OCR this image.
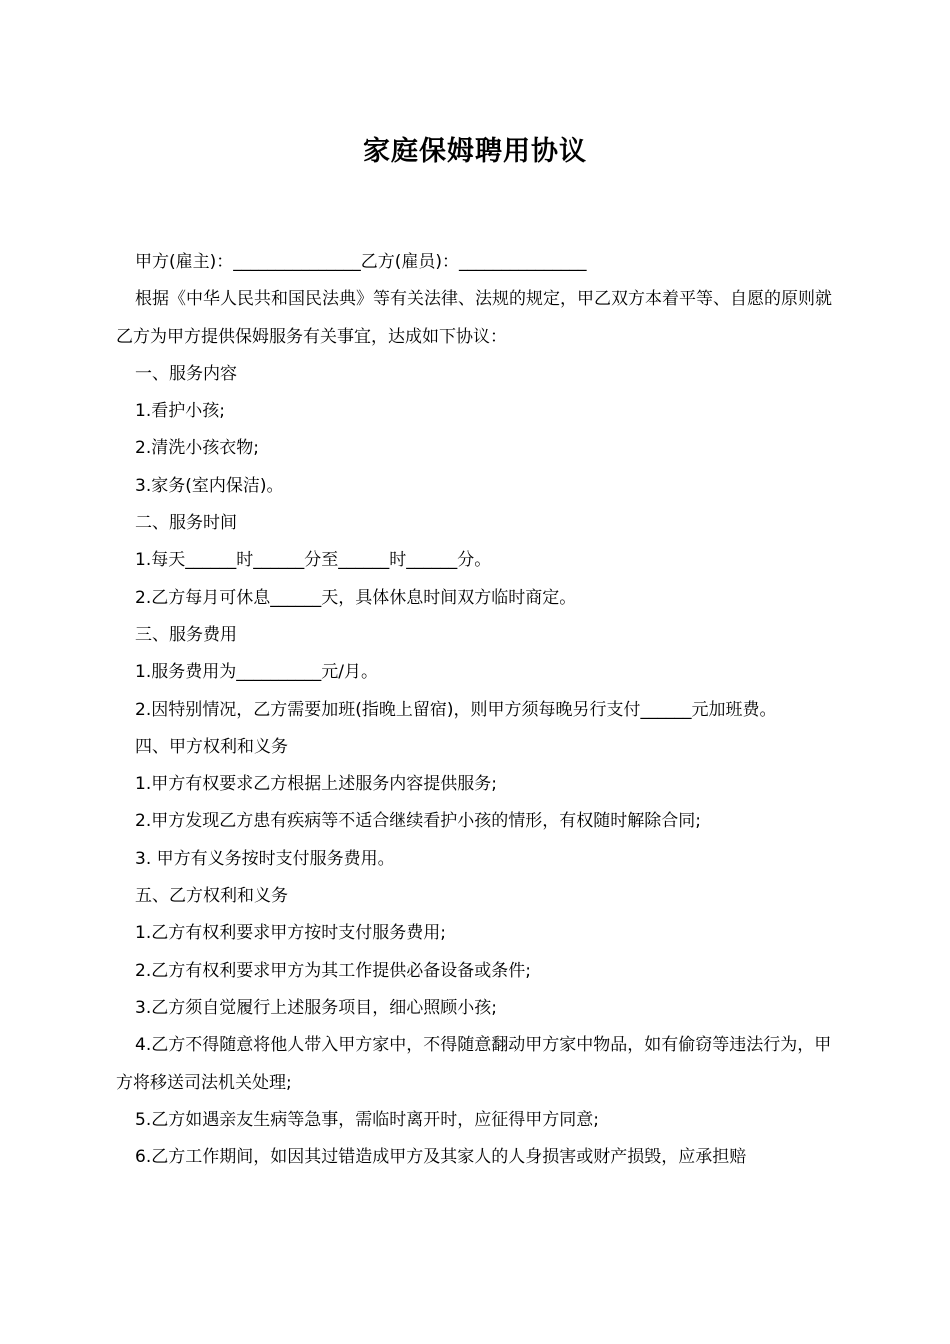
家庭保姆聘用协议

甲方(雇主)：_______________乙方(雇员)：_______________

根据《中华人民共和国民法典》等有关法律、法规的规定，甲乙双方本着平等、自愿的原则就乙方为甲方提供保姆服务有关事宜，达成如下协议：

一、服务内容

1.看护小孩;

2.清洗小孩衣物;

3.家务(室内保洁)。

二、服务时间

1.每天______时______分至______时______分。

2.乙方每月可休息______天，具体休息时间双方临时商定。

三、服务费用

1.服务费用为__________元/月。

2.因特别情况，乙方需要加班(指晚上留宿)，则甲方须每晚另行支付______元加班费。

四、甲方权利和义务

1.甲方有权要求乙方根据上述服务内容提供服务;

2.甲方发现乙方患有疾病等不适合继续看护小孩的情形，有权随时解除合同;

3. 甲方有义务按时支付服务费用。

五、乙方权利和义务

1.乙方有权利要求甲方按时支付服务费用;

2.乙方有权利要求甲方为其工作提供必备设备或条件;

3.乙方须自觉履行上述服务项目，细心照顾小孩;

4.乙方不得随意将他人带入甲方家中，不得随意翻动甲方家中物品，如有偷窃等违法行为，甲方将移送司法机关处理;

5.乙方如遇亲友生病等急事，需临时离开时，应征得甲方同意;

6.乙方工作期间，如因其过错造成甲方及其家人的人身损害或财产损毁，应承担赔
